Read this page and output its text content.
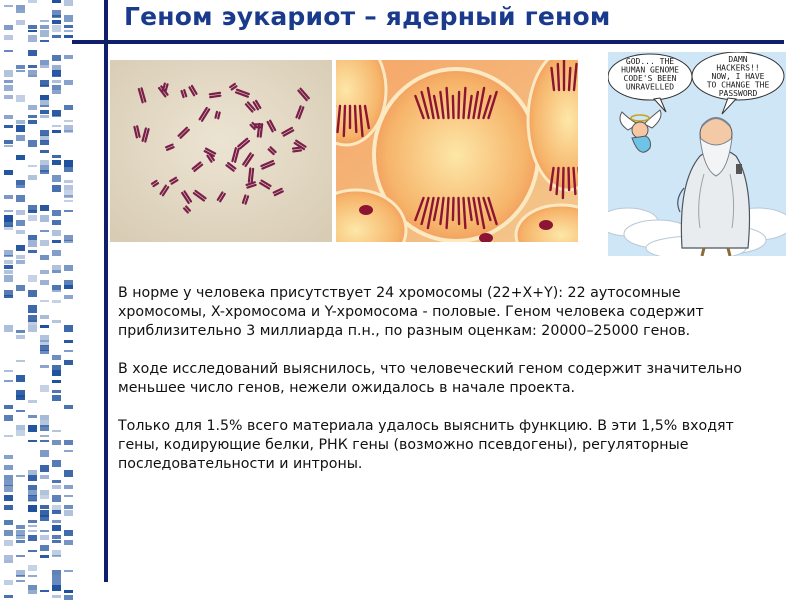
Геном эукариот – ядерный геном
GOD... THE HUMAN GENOME CODE'S BEEN UNRAVELLED
DAMN HACKERS!! NOW, I HAVE TO CHANGE THE PASSWORD

В норме у человека присутствует 24 хромосомы (22+X+Y): 22 аутосомные хромосомы, X-хромосома и Y-хромосома - половые. Геном человека содержит приблизительно 3 миллиарда п.н., по разным оценкам: 20000–25000 генов.

В ходе исследований выяснилось, что человеческий геном содержит значительно меньшее число генов, нежели ожидалось в начале проекта.

Только для 1.5% всего материала удалось выяснить функцию. В эти 1,5% входят гены, кодирующие белки, РНК гены (возможно псевдогены), регуляторные последовательности и интроны.
